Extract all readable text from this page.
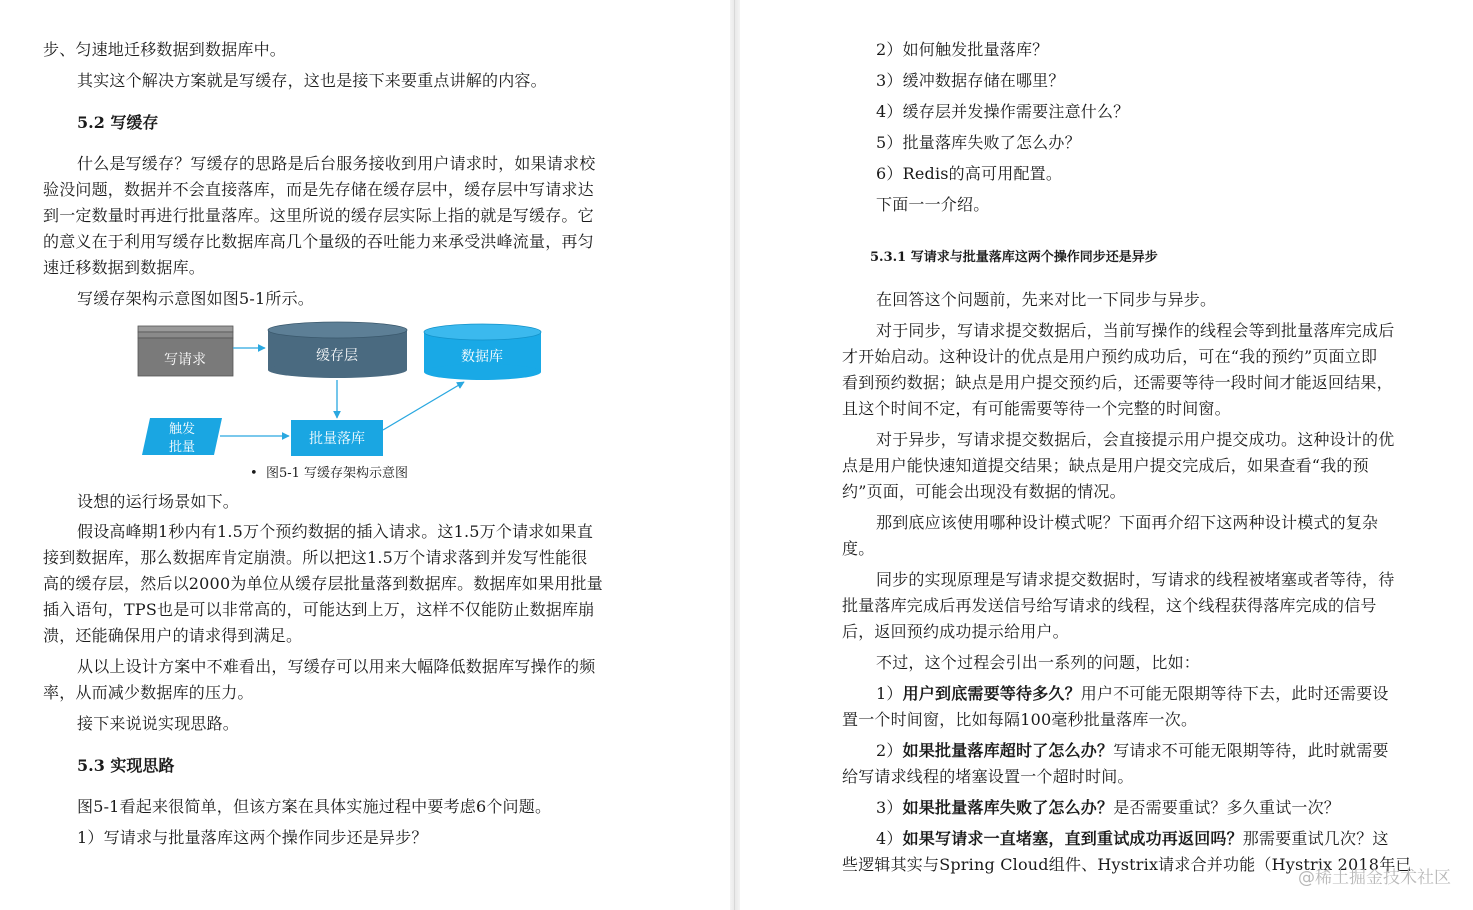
步、匀速地迁移数据到数据库中。
其实这个解决方案就是写缓存，这也是接下来要重点讲解的内容。
5.2 写缓存
什么是写缓存？写缓存的思路是后台服务接收到用户请求时，如果请求校
验没问题，数据并不会直接落库，而是先存储在缓存层中，缓存层中写请求达
到一定数量时再进行批量落库。这里所说的缓存层实际上指的就是写缓存。它
的意义在于利用写缓存比数据库高几个量级的吞吐能力来承受洪峰流量，再匀
速迁移数据到数据库。
写缓存架构示意图如图5-1所示。
写请求	缓存层	数据库
触发
批量
批量落库
• 图5-1 写缓存架构示意图
设想的运行场景如下。
假设高峰期1秒内有1.5万个预约数据的插入请求。这1.5万个请求如果直
接到数据库，那么数据库肯定崩溃。所以把这1.5万个请求落到并发写性能很
高的缓存层，然后以2000为单位从缓存层批量落到数据库。数据库如果用批量
插入语句，TPS也是可以非常高的，可能达到上万，这样不仅能防止数据库崩
溃，还能确保用户的请求得到满足。
从以上设计方案中不难看出，写缓存可以用来大幅降低数据库写操作的频
率，从而减少数据库的压力。
接下来说说实现思路。
5.3 实现思路
图5-1看起来很简单，但该方案在具体实施过程中要考虑6个问题。
1）写请求与批量落库这两个操作同步还是异步？
2）如何触发批量落库？
3）缓冲数据存储在哪里？
4）缓存层并发操作需要注意什么？
5）批量落库失败了怎么办？
6）Redis的高可用配置。
下面一一介绍。
5.3.1 写请求与批量落库这两个操作同步还是异步
在回答这个问题前，先来对比一下同步与异步。
对于同步，写请求提交数据后，当前写操作的线程会等到批量落库完成后
才开始启动。这种设计的优点是用户预约成功后，可在“我的预约”页面立即
看到预约数据；缺点是用户提交预约后，还需要等待一段时间才能返回结果，
且这个时间不定，有可能需要等待一个完整的时间窗。
对于异步，写请求提交数据后，会直接提示用户提交成功。这种设计的优
点是用户能快速知道提交结果；缺点是用户提交完成后，如果查看“我的预
约”页面，可能会出现没有数据的情况。
那到底应该使用哪种设计模式呢？下面再介绍下这两种设计模式的复杂
度。
同步的实现原理是写请求提交数据时，写请求的线程被堵塞或者等待，待
批量落库完成后再发送信号给写请求的线程，这个线程获得落库完成的信号
后，返回预约成功提示给用户。
不过，这个过程会引出一系列的问题，比如：
1）用户到底需要等待多久？用户不可能无限期等待下去，此时还需要设
置一个时间窗，比如每隔100毫秒批量落库一次。
2）如果批量落库超时了怎么办？写请求不可能无限期等待，此时就需要
给写请求线程的堵塞设置一个超时时间。
3）如果批量落库失败了怎么办？是否需要重试？多久重试一次？
4）如果写请求一直堵塞，直到重试成功再返回吗？那需要重试几次？这
些逻辑其实与Spring Cloud组件、Hystrix请求合并功能（Hystrix 2018年已
@稀土掘金技术社区
